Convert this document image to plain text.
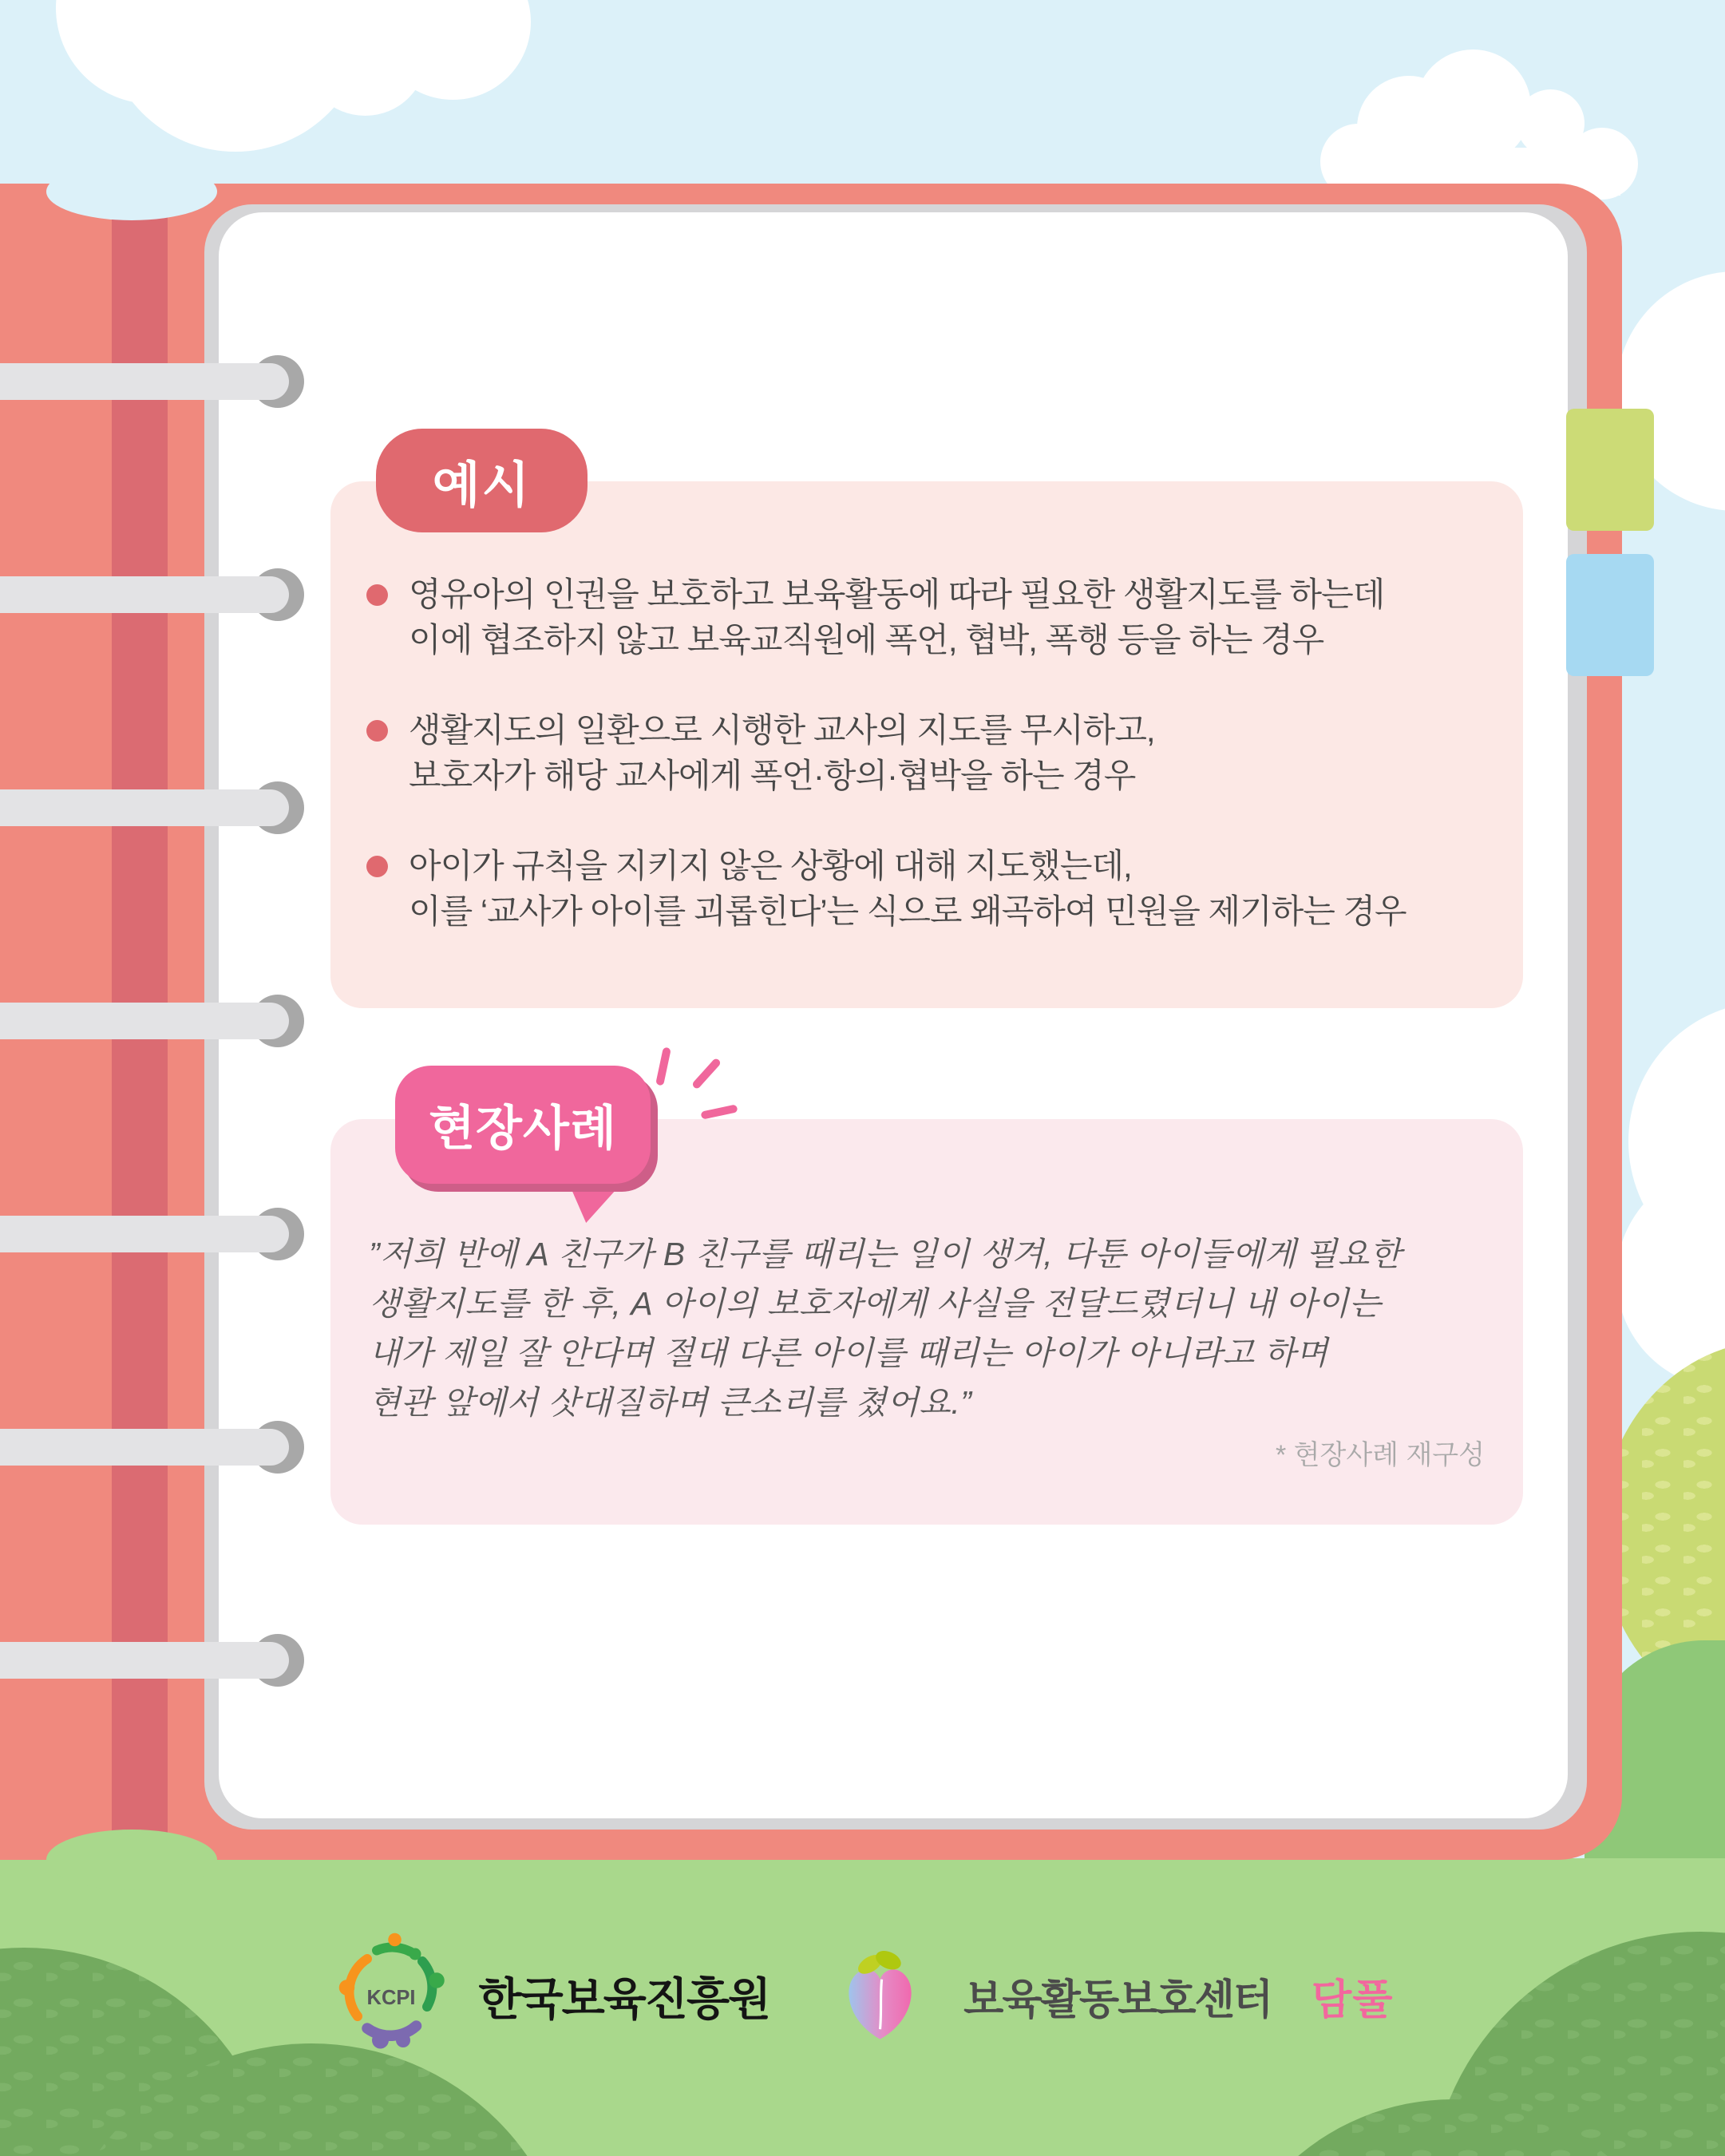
예시
영유아의 인권을 보호하고 보육활동에 따라 필요한 생활지도를 하는데
이에 협조하지 않고 보육교직원에 폭언, 협박, 폭행 등을 하는 경우
생활지도의 일환으로 시행한 교사의 지도를 무시하고,
보호자가 해당 교사에게 폭언·항의·협박을 하는 경우
아이가 규칙을 지키지 않은 상황에 대해 지도했는데,
이를 ‘교사가 아이를 괴롭힌다’는 식으로 왜곡하여 민원을 제기하는 경우
현장사례
”저희 반에 A 친구가 B 친구를 때리는 일이 생겨, 다툰 아이들에게 필요한
생활지도를 한 후, A 아이의 보호자에게 사실을 전달드렸더니 내 아이는
내가 제일 잘 안다며 절대 다른 아이를 때리는 아이가 아니라고 하며
현관 앞에서 삿대질하며 큰소리를 쳤어요.”
* 현장사례 재구성
KCPI 한국보육진흥원	보육활동보호센터 담풀
